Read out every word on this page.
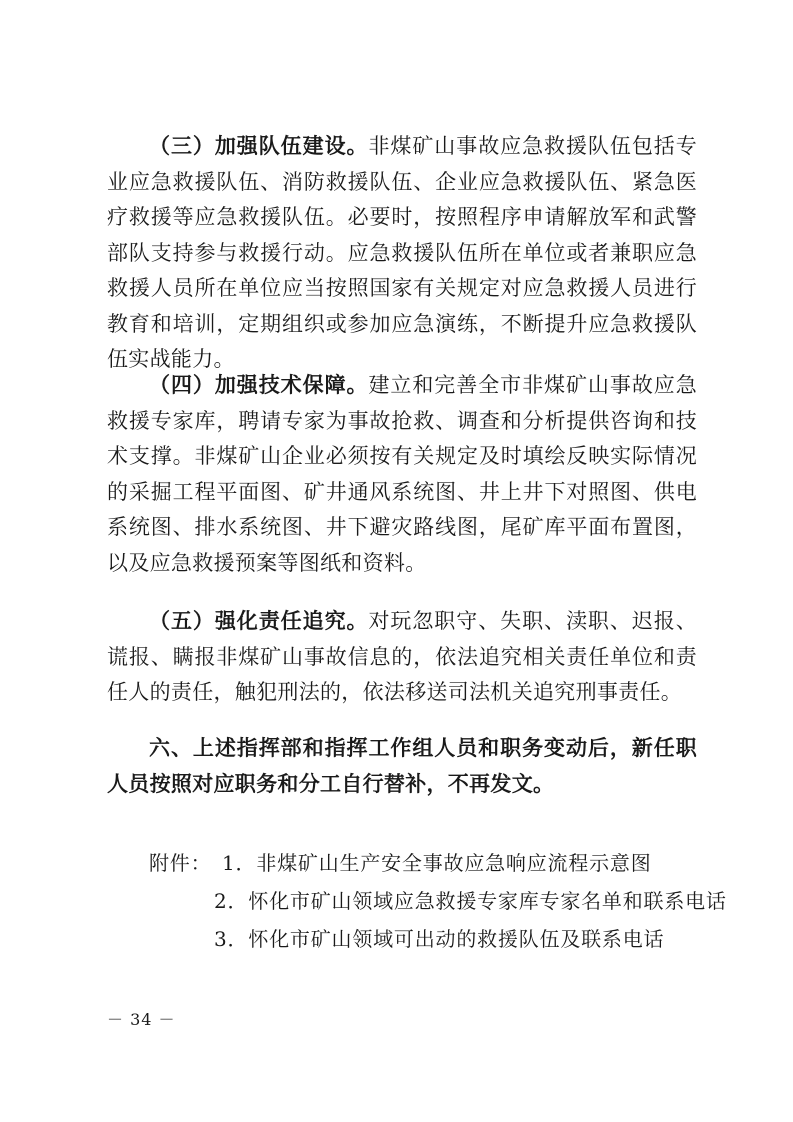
（三）加强队伍建设。非煤矿山事故应急救援队伍包括专业应急救援队伍、消防救援队伍、企业应急救援队伍、紧急医疗救援等应急救援队伍。必要时，按照程序申请解放军和武警部队支持参与救援行动。应急救援队伍所在单位或者兼职应急救援人员所在单位应当按照国家有关规定对应急救援人员进行教育和培训，定期组织或参加应急演练，不断提升应急救援队伍实战能力。

（四）加强技术保障。建立和完善全市非煤矿山事故应急救援专家库，聘请专家为事故抢救、调查和分析提供咨询和技术支撑。非煤矿山企业必须按有关规定及时填绘反映实际情况的采掘工程平面图、矿井通风系统图、井上井下对照图、供电系统图、排水系统图、井下避灾路线图，尾矿库平面布置图，以及应急救援预案等图纸和资料。

（五）强化责任追究。对玩忽职守、失职、渎职、迟报、谎报、瞒报非煤矿山事故信息的，依法追究相关责任单位和责任人的责任，触犯刑法的，依法移送司法机关追究刑事责任。

六、上述指挥部和指挥工作组人员和职务变动后，新任职人员按照对应职务和分工自行替补，不再发文。

附件： 1．非煤矿山生产安全事故应急响应流程示意图

2．怀化市矿山领域应急救援专家库专家名单和联系电话

3．怀化市矿山领域可出动的救援队伍及联系电话

－ 34 －
